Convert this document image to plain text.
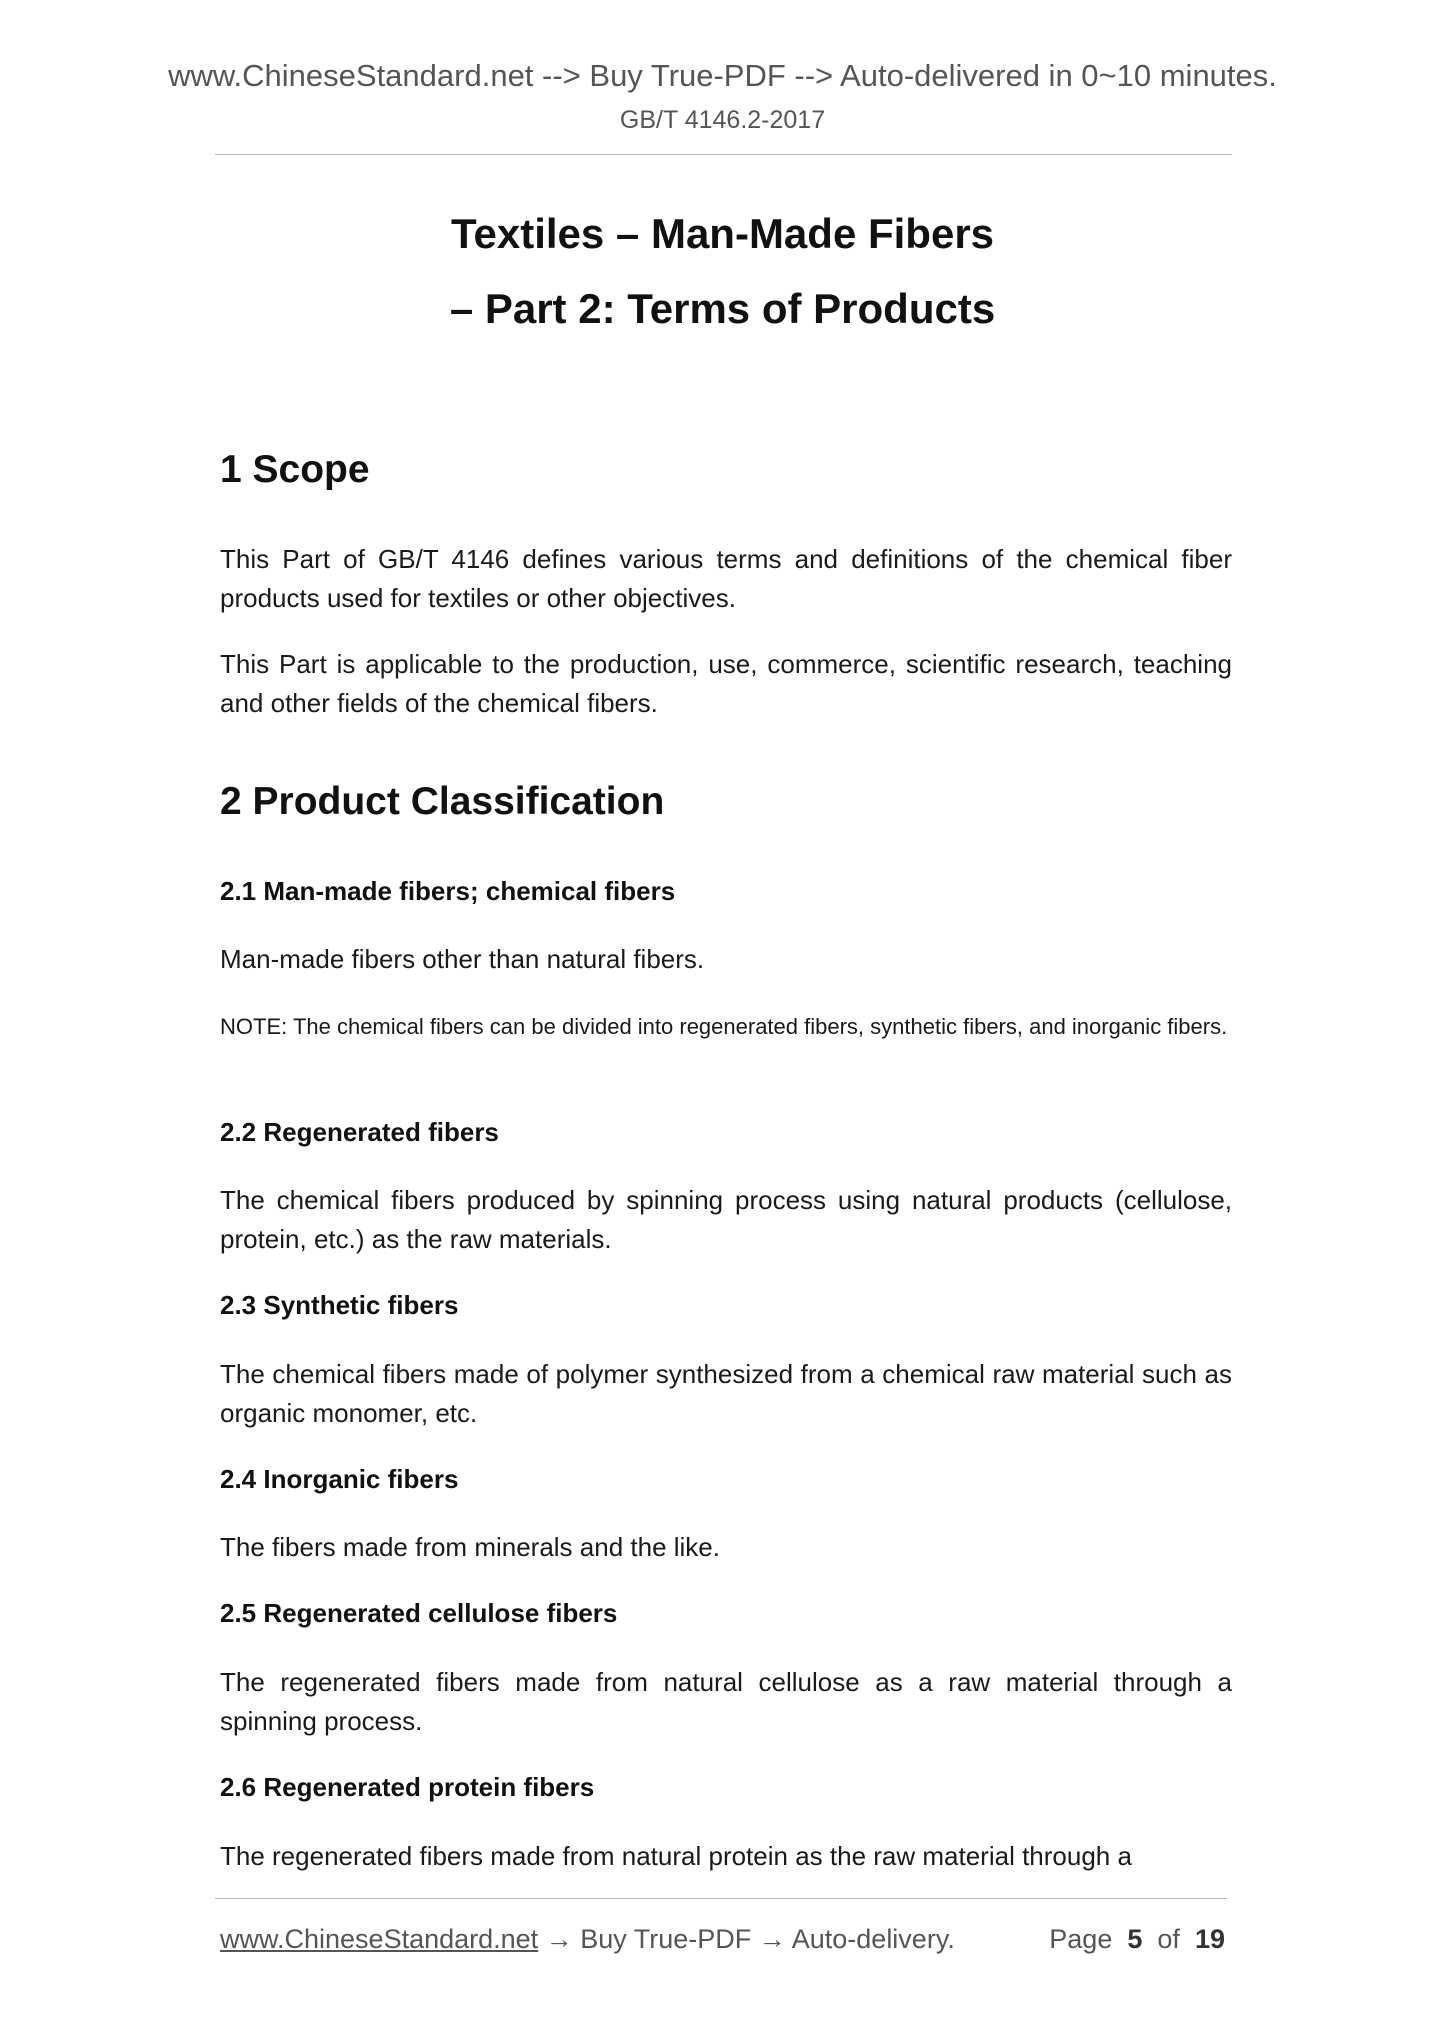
www.ChineseStandard.net --> Buy True-PDF --> Auto-delivered in 0~10 minutes.
GB/T 4146.2-2017
Textiles – Man-Made Fibers
– Part 2: Terms of Products
1 Scope
This Part of GB/T 4146 defines various terms and definitions of the chemical fiber products used for textiles or other objectives.
This Part is applicable to the production, use, commerce, scientific research, teaching and other fields of the chemical fibers.
2 Product Classification
2.1 Man-made fibers; chemical fibers
Man-made fibers other than natural fibers.
NOTE: The chemical fibers can be divided into regenerated fibers, synthetic fibers, and inorganic fibers.
2.2 Regenerated fibers
The chemical fibers produced by spinning process using natural products (cellulose, protein, etc.) as the raw materials.
2.3 Synthetic fibers
The chemical fibers made of polymer synthesized from a chemical raw material such as organic monomer, etc.
2.4 Inorganic fibers
The fibers made from minerals and the like.
2.5 Regenerated cellulose fibers
The regenerated fibers made from natural cellulose as a raw material through a spinning process.
2.6 Regenerated protein fibers
The regenerated fibers made from natural protein as the raw material through a
www.ChineseStandard.net → Buy True-PDF → Auto-delivery.	Page 5 of 19
